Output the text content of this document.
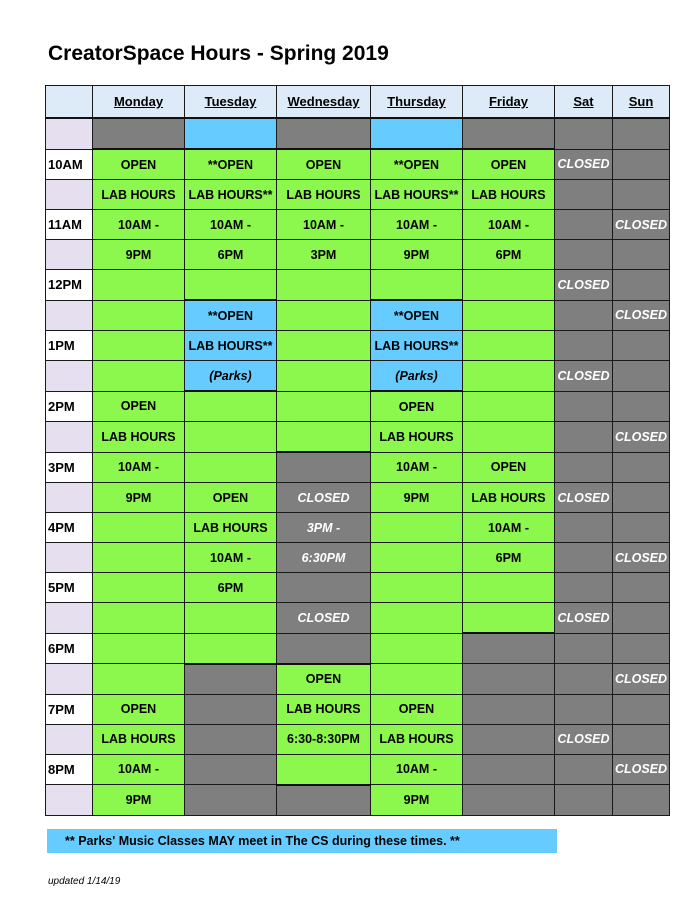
CreatorSpace Hours - Spring 2019
	Monday	Tuesday	Wednesday	Thursday	Friday	Sat	Sun

10AM	OPEN	**OPEN	OPEN	**OPEN	OPEN	CLOSED	
	LAB HOURS	LAB HOURS**	LAB HOURS	LAB HOURS**	LAB HOURS		
11AM	10AM -	10AM -	10AM -	10AM -	10AM -		CLOSED
	9PM	6PM	3PM	9PM	6PM		
12PM						CLOSED	
		**OPEN		**OPEN			CLOSED
1PM		LAB HOURS**		LAB HOURS**			
		(Parks)		(Parks)		CLOSED	
2PM	OPEN			OPEN			
	LAB HOURS			LAB HOURS			CLOSED
3PM	10AM -			10AM -	OPEN		
	9PM	OPEN	CLOSED	9PM	LAB HOURS	CLOSED	
4PM		LAB HOURS	3PM -		10AM -		
		10AM -	6:30PM		6PM		CLOSED
5PM		6PM					
			CLOSED			CLOSED	
6PM							
			OPEN				CLOSED
7PM	OPEN		LAB HOURS	OPEN			
	LAB HOURS		6:30-8:30PM	LAB HOURS		CLOSED	
8PM	10AM -			10AM -			CLOSED
	9PM			9PM			
** Parks' Music Classes MAY meet in The CS during these times. **
updated 1/14/19
